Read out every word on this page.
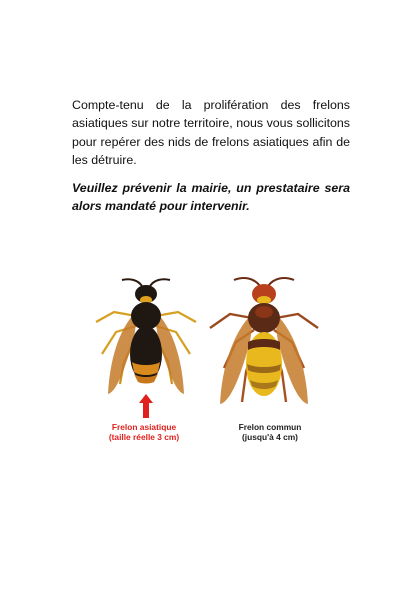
Compte-tenu de la prolifération des frelons asiatiques sur notre territoire, nous vous sollicitons pour repérer des nids de frelons asiatiques afin de les détruire.

Veuillez prévenir la mairie, un prestataire sera alors mandaté pour intervenir.

Frelon asiatique
(taille réelle 3 cm)
Frelon commun
(jusqu'à 4 cm)
